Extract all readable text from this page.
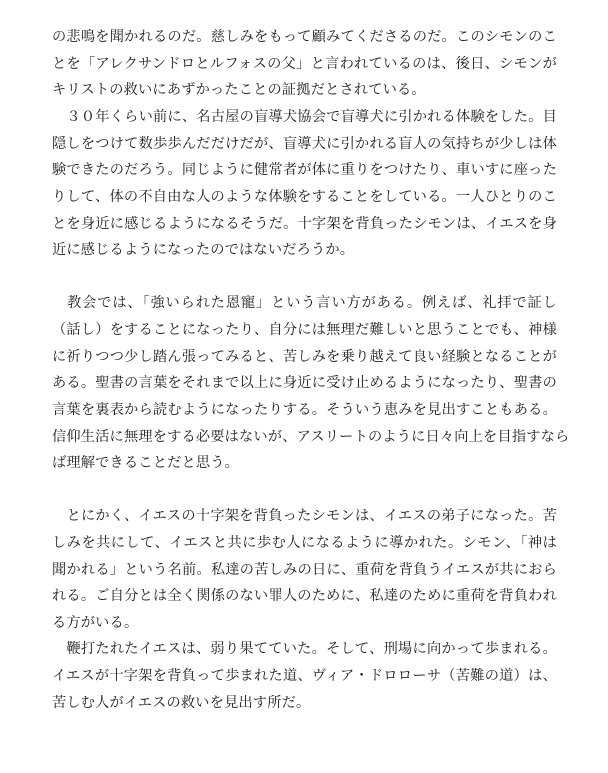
の悲鳴を聞かれるのだ。慈しみをもって顧みてくださるのだ。このシモンのこ

とを「アレクサンドロとルフォスの父」と言われているのは、後日、シモンが

キリストの救いにあずかったことの証拠だとされている。

　３０年くらい前に、名古屋の盲導犬協会で盲導犬に引かれる体験をした。目

隠しをつけて数歩歩んだだけだが、盲導犬に引かれる盲人の気持ちが少しは体

験できたのだろう。同じように健常者が体に重りをつけたり、車いすに座った

りして、体の不自由な人のような体験をすることをしている。一人ひとりのこ

とを身近に感じるようになるそうだ。十字架を背負ったシモンは、イエスを身

近に感じるようになったのではないだろうか。

　教会では、「強いられた恩寵」という言い方がある。例えば、礼拝で証し

（話し）をすることになったり、自分には無理だ難しいと思うことでも、神様

に祈りつつ少し踏ん張ってみると、苦しみを乗り越えて良い経験となることが

ある。聖書の言葉をそれまで以上に身近に受け止めるようになったり、聖書の

言葉を裏表から読むようになったりする。そういう恵みを見出すこともある。

信仰生活に無理をする必要はないが、アスリートのように日々向上を目指すなら

ば理解できることだと思う。

　とにかく、イエスの十字架を背負ったシモンは、イエスの弟子になった。苦

しみを共にして、イエスと共に歩む人になるように導かれた。シモン、「神は

聞かれる」という名前。私達の苦しみの日に、重荷を背負うイエスが共におら

れる。ご自分とは全く関係のない罪人のために、私達のために重荷を背負われ

る方がいる。

　鞭打たれたイエスは、弱り果てていた。そして、刑場に向かって歩まれる。

イエスが十字架を背負って歩まれた道、ヴィア・ドロローサ（苦難の道）は、

苦しむ人がイエスの救いを見出す所だ。
